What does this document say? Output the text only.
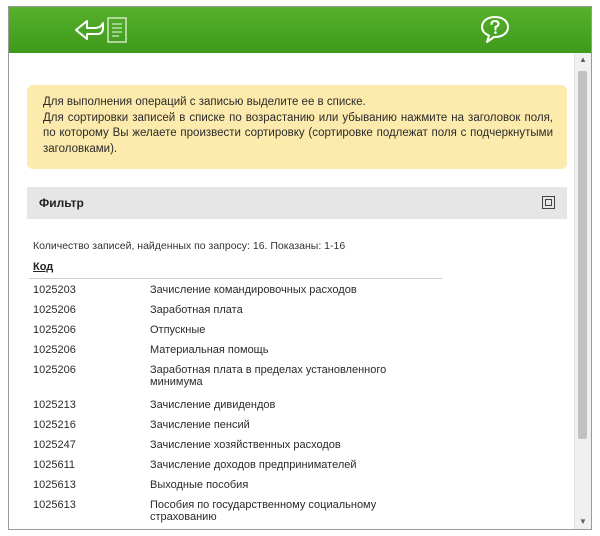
Для выполнения операций с записью выделите ее в списке.

Для сортировки записей в списке по возрастанию или убыванию нажмите на заголовок поля, по которому Вы желаете произвести сортировку (сортировке подлежат поля с подчеркнутыми заголовками).

Фильтр
Количество записей, найденных по запросу: 16. Показаны: 1-16
Код
1025203	Зачисление командировочных расходов
1025206	Заработная плата
1025206	Отпускные
1025206	Материальная помощь
1025206	Заработная плата в пределах установленного минимума
1025213	Зачисление дивидендов
1025216	Зачисление пенсий
1025247	Зачисление хозяйственных расходов
1025611	Зачисление доходов предпринимателей
1025613	Выходные пособия
1025613	Пособия по государственному социальному страхованию
▲
▼
